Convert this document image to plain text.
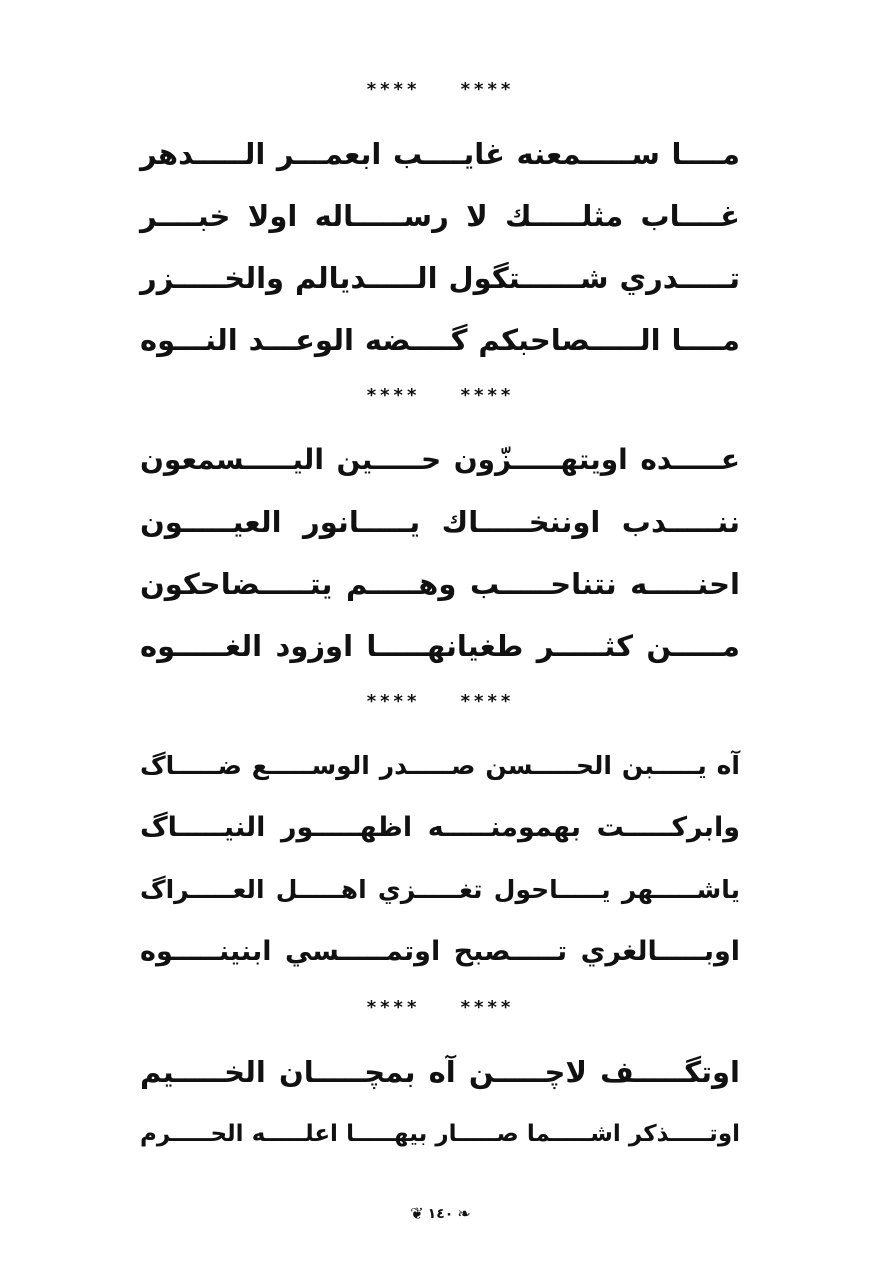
**** ****
مــــا ســـــمعنه غايــــب ابعمـــر الـــــدهر
غــــاب مثلـــــك لا رســـــاله اولا خبــــر
تـــــدري شــــــتگول الـــــديالم والخـــــزر
مــــا الـــــصاحبكم گــــضه الوعـــد النـــوه
**** ****
عـــــده اويتهـــــزّون حـــــين اليـــــسمعون
ننـــــدب اوننخـــــاك يـــــانور العيـــــون
احنـــــه نتناحـــــب وهـــــم يتـــــضاحكون
مـــــن كثـــــر طغيانهـــــا اوزود الغـــــوه
**** ****
آه يـــــبن الحـــــسن صـــــدر الوســـــع ضـــــاگ
وابركـــــت بهمومنـــــه اظهـــــور النيـــــاگ
ياشـــــهر يـــــاحول تغـــــزي اهـــــل العـــــراگ
اوبـــــالغري تـــــصبح اوتمـــــسي ابنينـــــوه
**** ****
اوتگـــــف لاچـــــن آه بمچـــــان الخـــــيم
اوتـــــذكر اشـــــما صـــــار بيهـــــا اعلـــــه الحـــــرم
❦ ١٤٠ ❧
